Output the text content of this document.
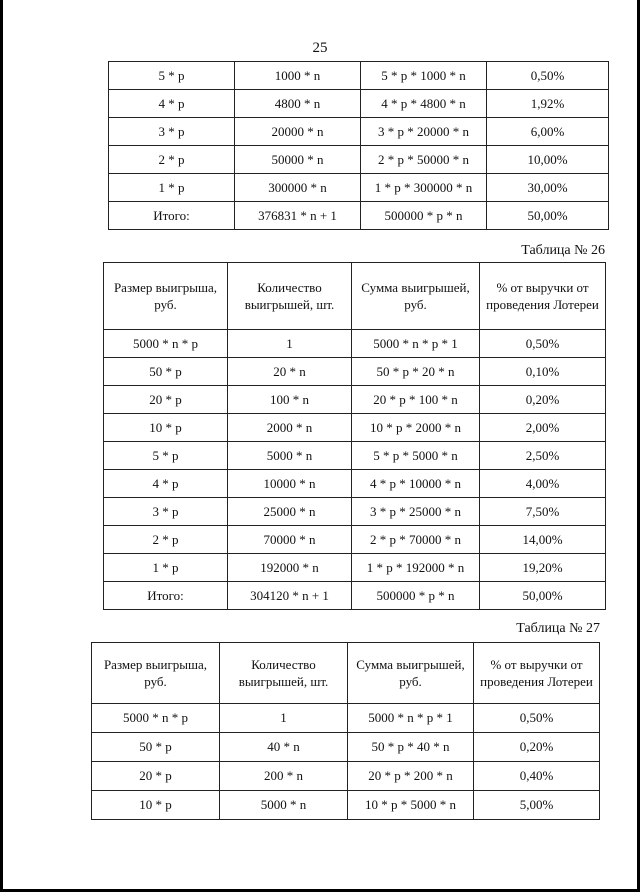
25
5 * р	1000 * n	5 * р * 1000 * n	0,50%
4 * р	4800 * n	4 * р * 4800 * n	1,92%
3 * р	20000 * n	3 * р * 20000 * n	6,00%
2 * р	50000 * n	2 * р * 50000 * n	10,00%
1 * р	300000 * n	1 * р * 300000 * n	30,00%
Итого:	376831 * n + 1	500000 * р * n	50,00%
Таблица № 26
Размер выигрыша, руб.	Количество выигрышей, шт.	Сумма выигрышей, руб.	% от выручки от проведения Лотереи
5000 * n * р	1	5000 * n * р * 1	0,50%
50 * р	20 * n	50 * р * 20 * n	0,10%
20 * р	100 * n	20 * р * 100 * n	0,20%
10 * р	2000 * n	10 * р * 2000 * n	2,00%
5 * р	5000 * n	5 * р * 5000 * n	2,50%
4 * р	10000 * n	4 * р * 10000 * n	4,00%
3 * р	25000 * n	3 * р * 25000 * n	7,50%
2 * р	70000 * n	2 * р * 70000 * n	14,00%
1 * р	192000 * n	1 * р * 192000 * n	19,20%
Итого:	304120 * n + 1	500000 * р * n	50,00%
Таблица № 27
Размер выигрыша, руб.	Количество выигрышей, шт.	Сумма выигрышей, руб.	% от выручки от проведения Лотереи
5000 * n * р	1	5000 * n * р * 1	0,50%
50 * р	40 * n	50 * р * 40 * n	0,20%
20 * р	200 * n	20 * р * 200 * n	0,40%
10 * р	5000 * n	10 * р * 5000 * n	5,00%
